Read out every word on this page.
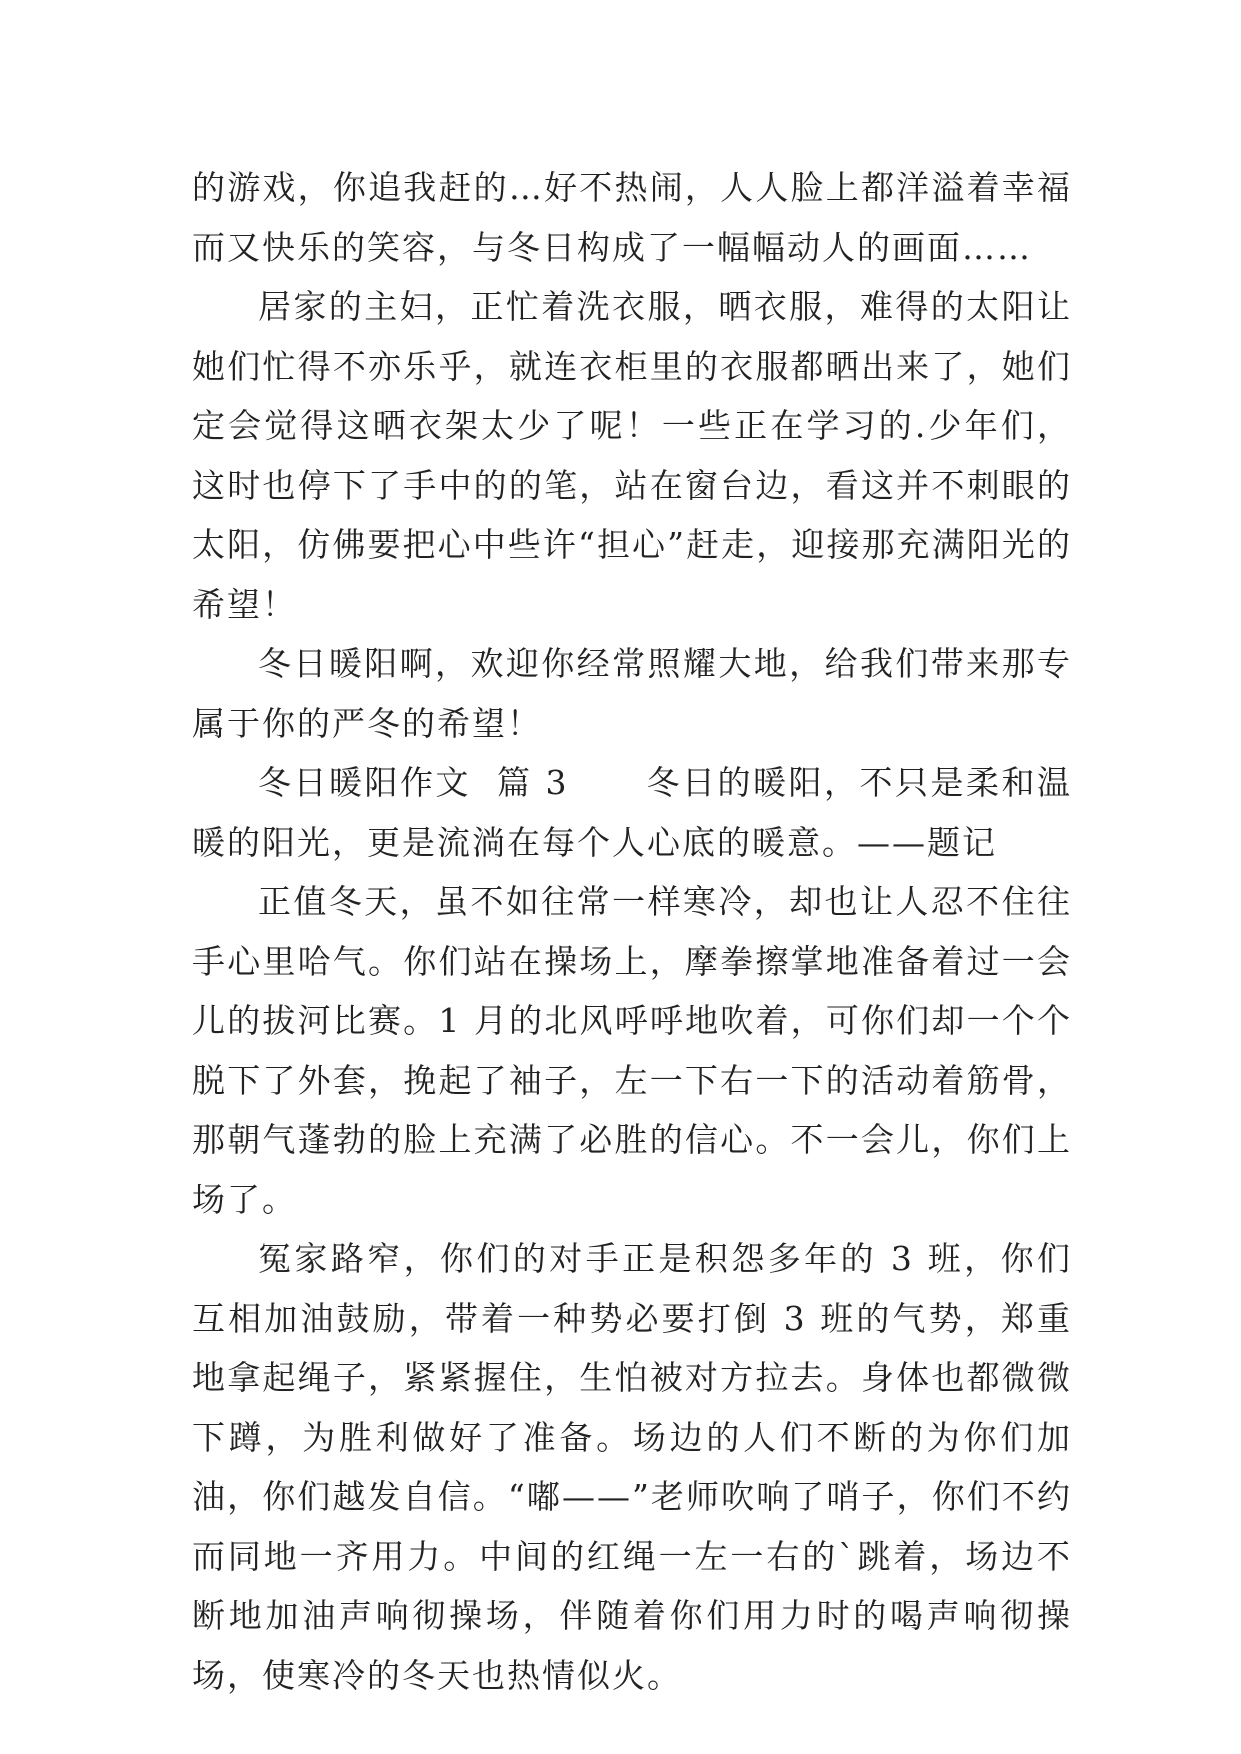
的游戏，你追我赶的…好不热闹，人人脸上都洋溢着幸福而又快乐的笑容，与冬日构成了一幅幅动人的画面……

居家的主妇，正忙着洗衣服，晒衣服，难得的太阳让她们忙得不亦乐乎，就连衣柜里的衣服都晒出来了，她们定会觉得这晒衣架太少了呢！一些正在学习的.少年们，这时也停下了手中的的笔，站在窗台边，看这并不刺眼的太阳，仿佛要把心中些许“担心”赶走，迎接那充满阳光的希望！

冬日暖阳啊，欢迎你经常照耀大地，给我们带来那专属于你的严冬的希望！

冬日暖阳作文  篇 3      冬日的暖阳，不只是柔和温暖的阳光，更是流淌在每个人心底的暖意。——题记

正值冬天，虽不如往常一样寒冷，却也让人忍不住往手心里哈气。你们站在操场上，摩拳擦掌地准备着过一会儿的拔河比赛。1 月的北风呼呼地吹着，可你们却一个个脱下了外套，挽起了袖子，左一下右一下的活动着筋骨，那朝气蓬勃的脸上充满了必胜的信心。不一会儿，你们上场了。

冤家路窄，你们的对手正是积怨多年的 3 班，你们互相加油鼓励，带着一种势必要打倒 3 班的气势，郑重地拿起绳子，紧紧握住，生怕被对方拉去。身体也都微微下蹲，为胜利做好了准备。场边的人们不断的为你们加油，你们越发自信。“嘟——”老师吹响了哨子，你们不约而同地一齐用力。中间的红绳一左一右的`跳着，场边不断地加油声响彻操场，伴随着你们用力时的喝声响彻操场，使寒冷的冬天也热情似火。
